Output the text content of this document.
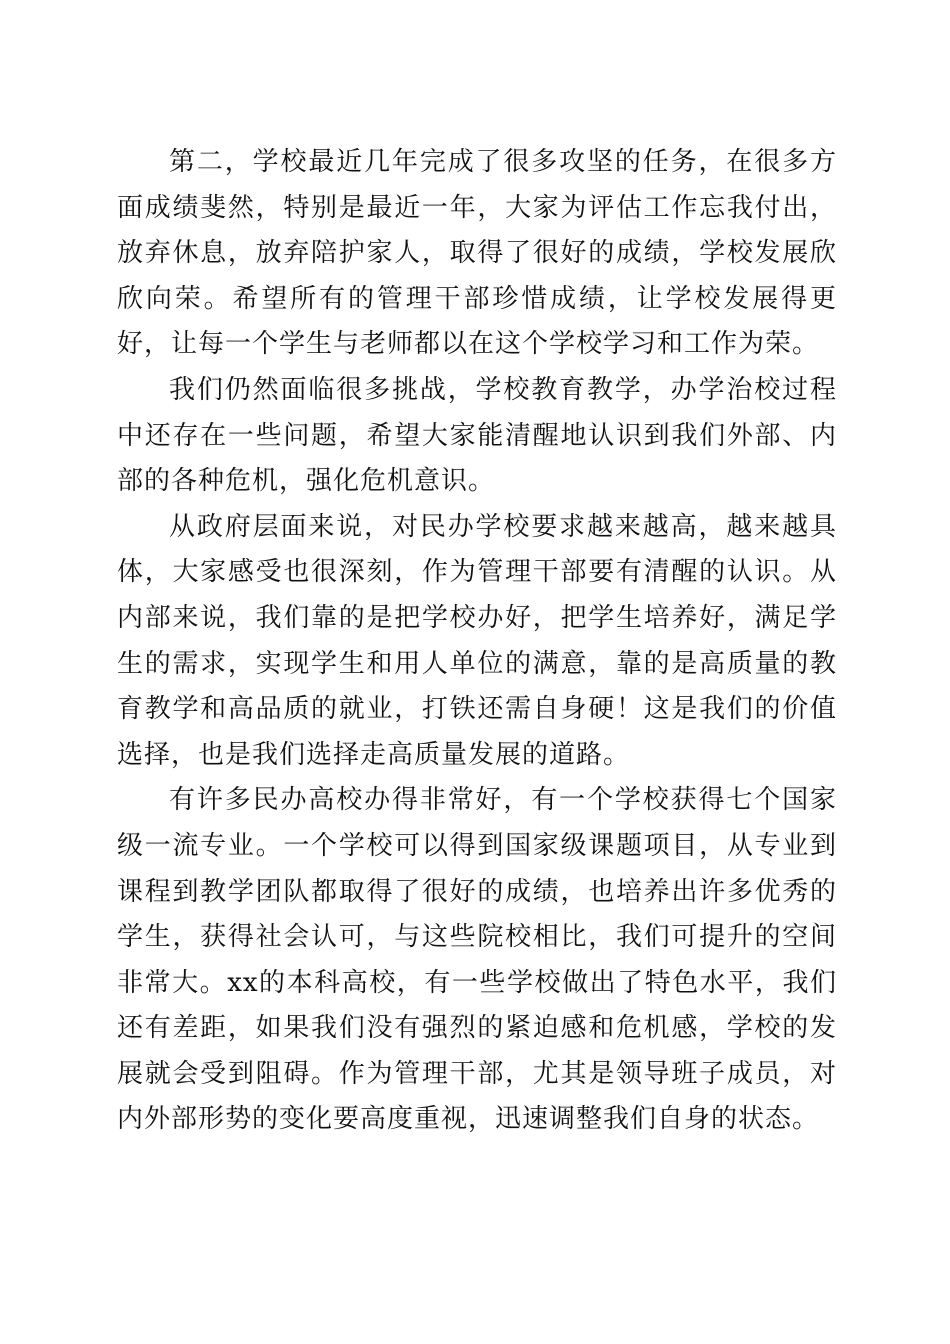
第二，学校最近几年完成了很多攻坚的任务，在很多方面成绩斐然，特别是最近一年，大家为评估工作忘我付出，放弃休息，放弃陪护家人，取得了很好的成绩，学校发展欣欣向荣。希望所有的管理干部珍惜成绩，让学校发展得更好，让每一个学生与老师都以在这个学校学习和工作为荣。

我们仍然面临很多挑战，学校教育教学，办学治校过程中还存在一些问题，希望大家能清醒地认识到我们外部、内部的各种危机，强化危机意识。

从政府层面来说，对民办学校要求越来越高，越来越具体，大家感受也很深刻，作为管理干部要有清醒的认识。从内部来说，我们靠的是把学校办好，把学生培养好，满足学生的需求，实现学生和用人单位的满意，靠的是高质量的教育教学和高品质的就业，打铁还需自身硬！这是我们的价值选择，也是我们选择走高质量发展的道路。

有许多民办高校办得非常好，有一个学校获得七个国家级一流专业。一个学校可以得到国家级课题项目，从专业到课程到教学团队都取得了很好的成绩，也培养出许多优秀的学生，获得社会认可，与这些院校相比，我们可提升的空间非常大。xx的本科高校，有一些学校做出了特色水平，我们还有差距，如果我们没有强烈的紧迫感和危机感，学校的发展就会受到阻碍。作为管理干部，尤其是领导班子成员，对内外部形势的变化要高度重视，迅速调整我们自身的状态。
